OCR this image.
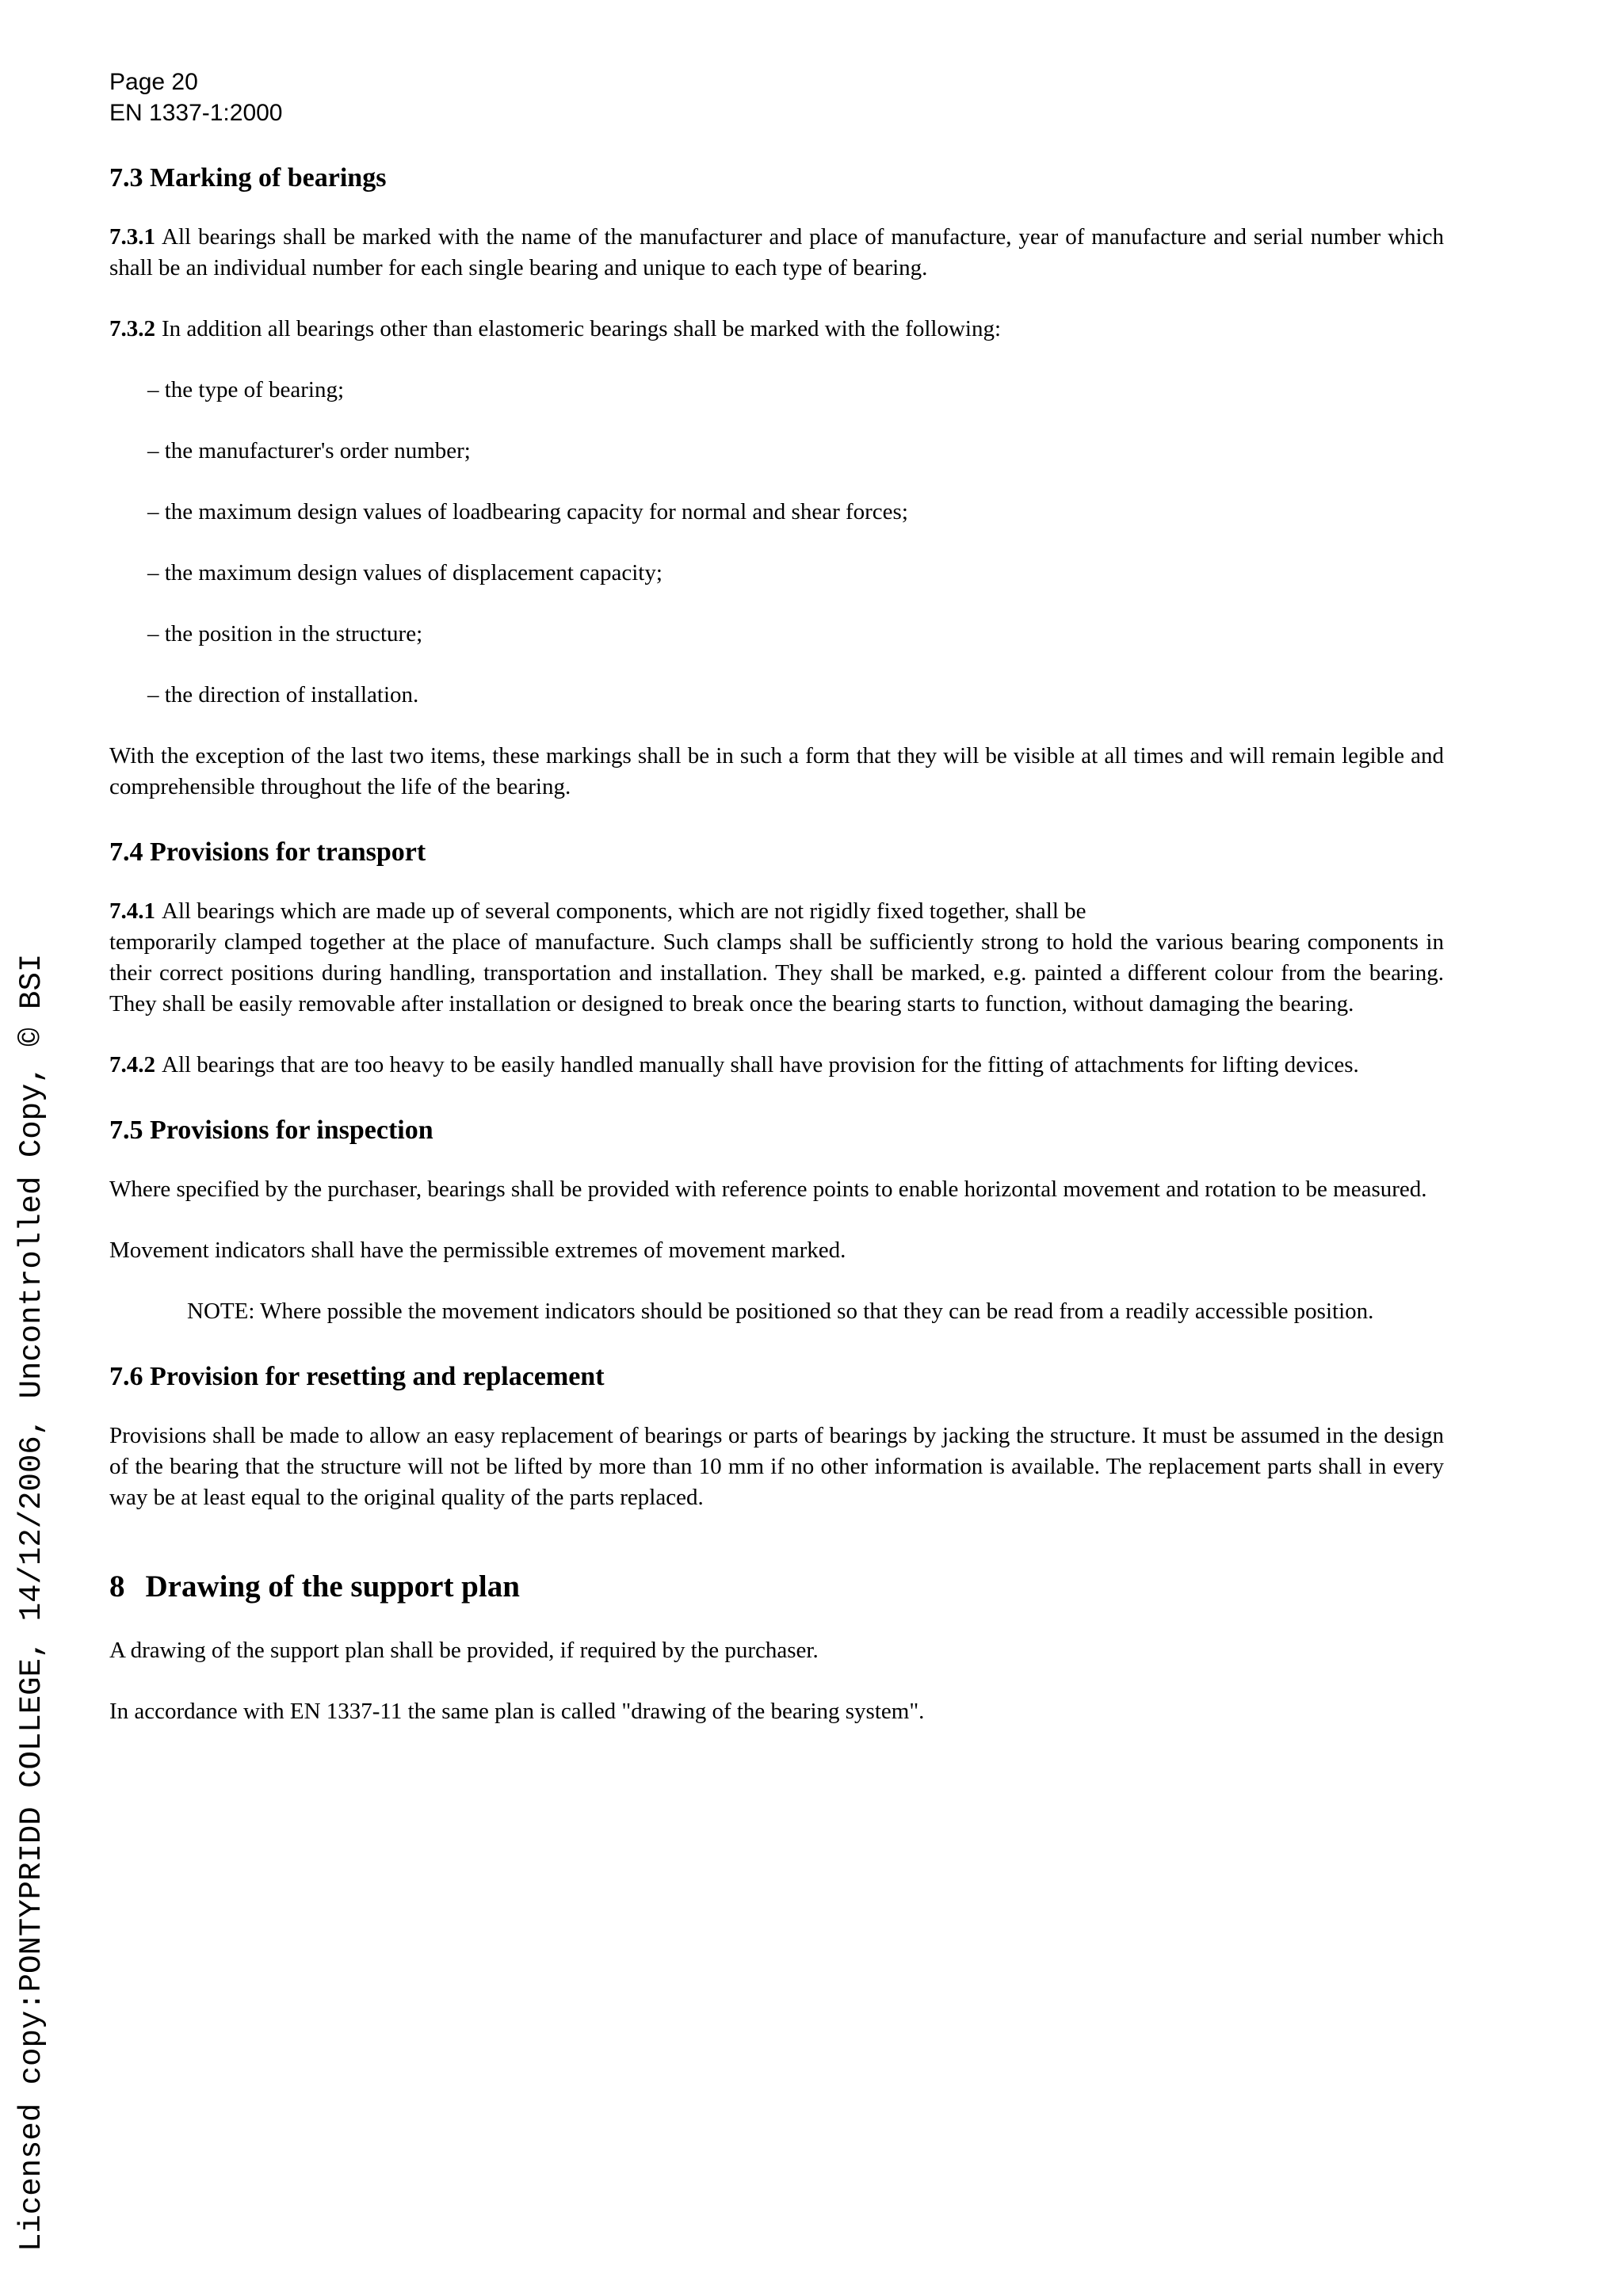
Page 20
EN 1337-1:2000
Licensed copy:PONTYPRIDD COLLEGE, 14/12/2006, Uncontrolled Copy, © BSI
7.3 Marking of bearings

7.3.1 All bearings shall be marked with the name of the manufacturer and place of manufacture, year of manufacture and serial number which shall be an individual number for each single bearing and unique to each type of bearing.

7.3.2 In addition all bearings other than elastomeric bearings shall be marked with the following:

– the type of bearing;

– the manufacturer's order number;

– the maximum design values of loadbearing capacity for normal and shear forces;

– the maximum design values of displacement capacity;

– the position in the structure;

– the direction of installation.

With the exception of the last two items, these markings shall be in such a form that they will be visible at all times and will remain legible and comprehensible throughout the life of the bearing.

7.4 Provisions for transport

7.4.1 All bearings which are made up of several components, which are not rigidly fixed together, shall be

temporarily clamped together at the place of manufacture. Such clamps shall be sufficiently strong to hold the various bearing components in their correct positions during handling, transportation and installation. They shall be marked, e.g. painted a different colour from the bearing. They shall be easily removable after installation or designed to break once the bearing starts to function, without damaging the bearing.

7.4.2 All bearings that are too heavy to be easily handled manually shall have provision for the fitting of attachments for lifting devices.

7.5 Provisions for inspection

Where specified by the purchaser, bearings shall be provided with reference points to enable horizontal movement and rotation to be measured.

Movement indicators shall have the permissible extremes of movement marked.

NOTE: Where possible the movement indicators should be positioned so that they can be read from a readily accessible position.

7.6 Provision for resetting and replacement

Provisions shall be made to allow an easy replacement of bearings or parts of bearings by jacking the structure. It must be assumed in the design of the bearing that the structure will not be lifted by more than 10 mm if no other information is available. The replacement parts shall in every way be at least equal to the original quality of the parts replaced.

8 Drawing of the support plan

A drawing of the support plan shall be provided, if required by the purchaser.

In accordance with EN 1337-11 the same plan is called "drawing of the bearing system".
